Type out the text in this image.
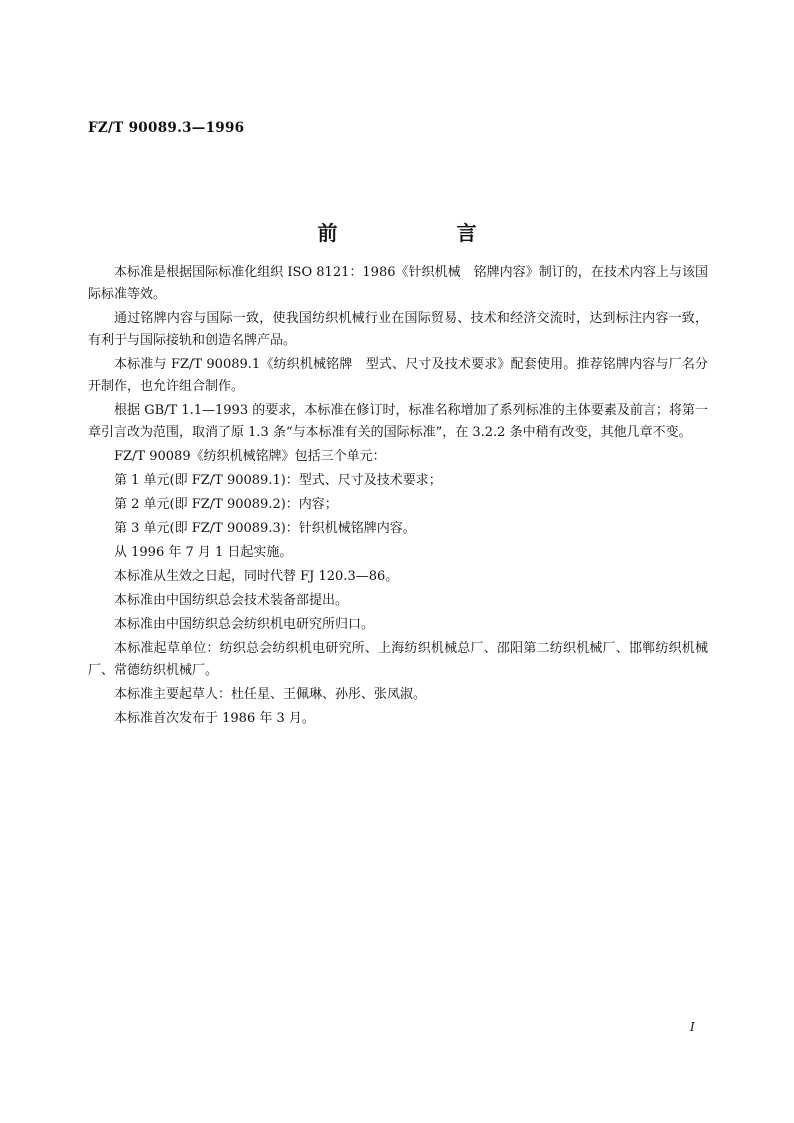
FZ/T 90089.3—1996
前 言

本标准是根据国际标准化组织 ISO 8121：1986《针织机械　铭牌内容》制订的，在技术内容上与该国际标准等效。

通过铭牌内容与国际一致，使我国纺织机械行业在国际贸易、技术和经济交流时，达到标注内容一致，有利于与国际接轨和创造名牌产品。

本标准与 FZ/T 90089.1《纺织机械铭牌　型式、尺寸及技术要求》配套使用。推荐铭牌内容与厂名分开制作，也允许组合制作。

根据 GB/T 1.1—1993 的要求，本标准在修订时，标准名称增加了系列标准的主体要素及前言；将第一章引言改为范围，取消了原 1.3 条“与本标准有关的国际标准”，在 3.2.2 条中稍有改变，其他几章不变。

FZ/T 90089《纺织机械铭牌》包括三个单元：

第 1 单元(即 FZ/T 90089.1)：型式、尺寸及技术要求；

第 2 单元(即 FZ/T 90089.2)：内容；

第 3 单元(即 FZ/T 90089.3)：针织机械铭牌内容。

从 1996 年 7 月 1 日起实施。

本标准从生效之日起，同时代替 FJ 120.3—86。

本标准由中国纺织总会技术装备部提出。

本标准由中国纺织总会纺织机电研究所归口。

本标准起草单位：纺织总会纺织机电研究所、上海纺织机械总厂、邵阳第二纺织机械厂、邯郸纺织机械厂、常德纺织机械厂。

本标准主要起草人：杜任星、王佩琳、孙彤、张凤淑。

本标准首次发布于 1986 年 3 月。

I
